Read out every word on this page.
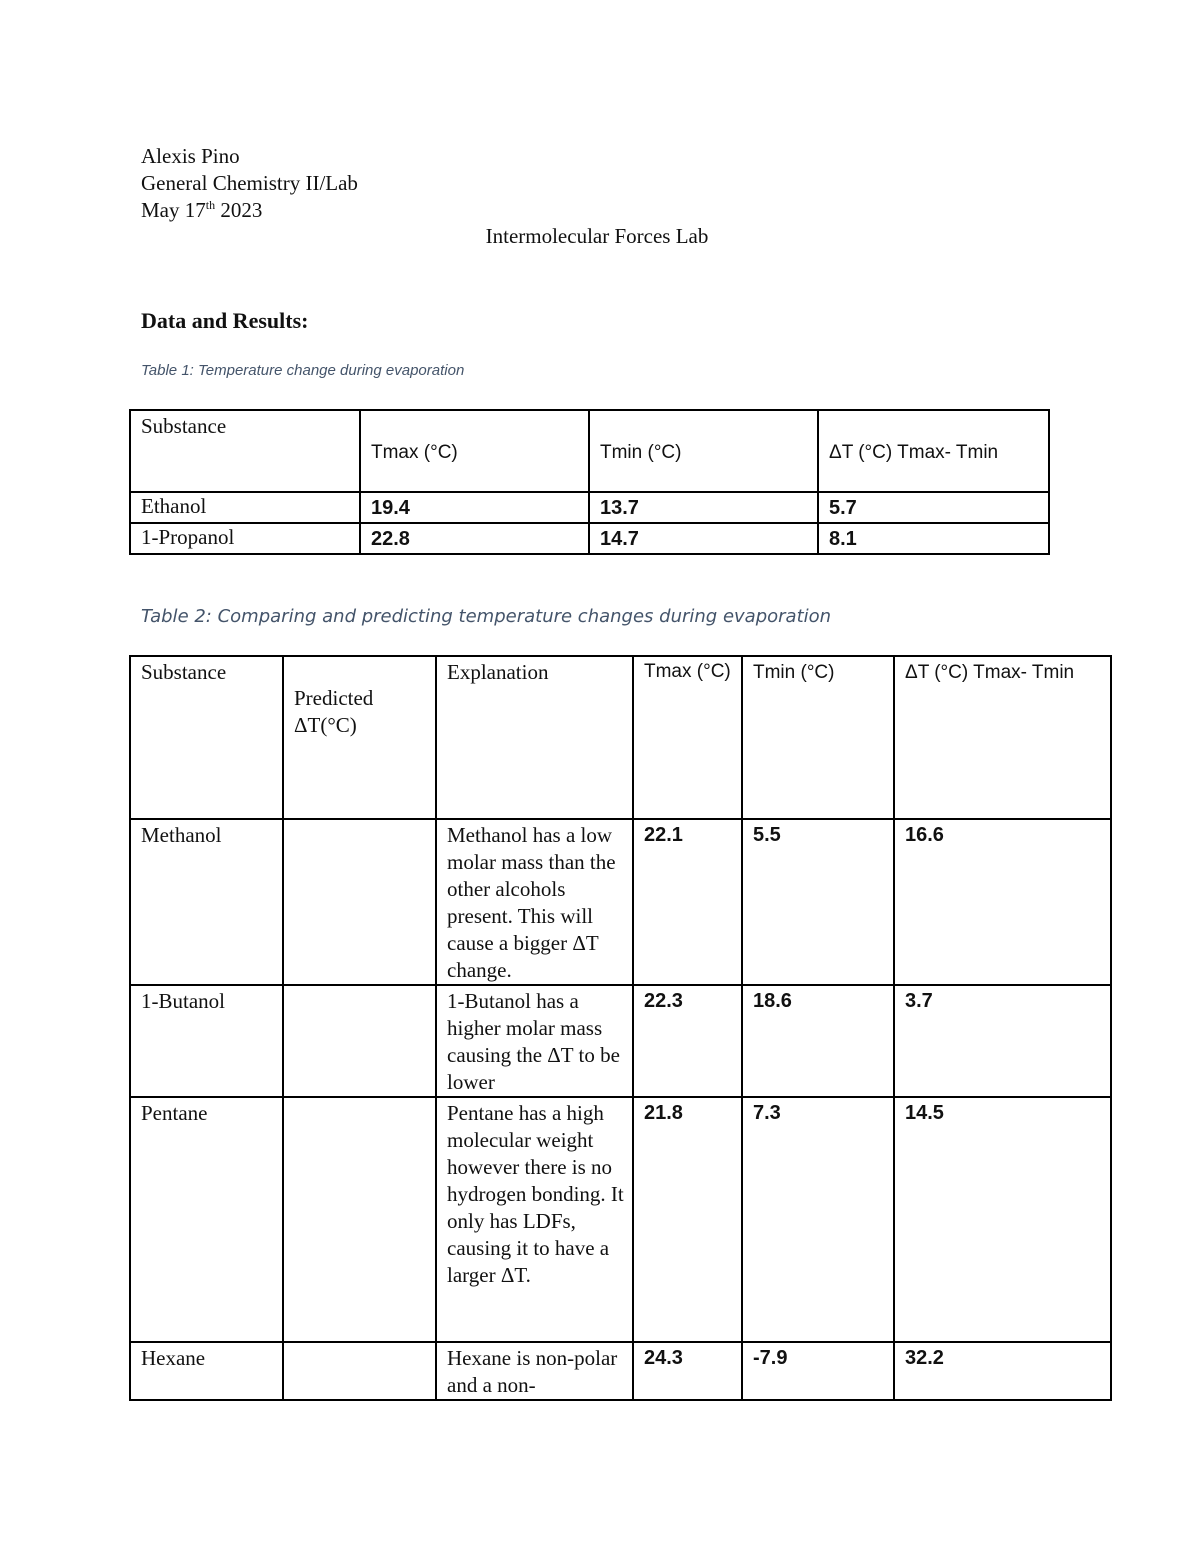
Alexis Pino
General Chemistry II/Lab
May 17th 2023
Intermolecular Forces Lab
Data and Results:
Table 1: Temperature change during evaporation
Substance	Tmax (°C)	Tmin (°C)	ΔT (°C) Tmax- Tmin
Ethanol	19.4	13.7	5.7
1-Propanol	22.8	14.7	8.1
Table 2: Comparing and predicting temperature changes during evaporation
Substance	Predicted ΔT(°C)	Explanation	Tmax (°C)	Tmin (°C)	ΔT (°C) Tmax- Tmin
Methanol		Methanol has a low molar mass than the other alcohols present. This will cause a bigger ΔT change.	22.1	5.5	16.6
1-Butanol		1-Butanol has a higher molar mass causing the ΔT to be lower	22.3	18.6	3.7
Pentane		Pentane has a high molecular weight however there is no hydrogen bonding. It only has LDFs, causing it to have a larger ΔT.	21.8	7.3	14.5
Hexane		Hexane is non-polar and a non-	24.3	-7.9	32.2
